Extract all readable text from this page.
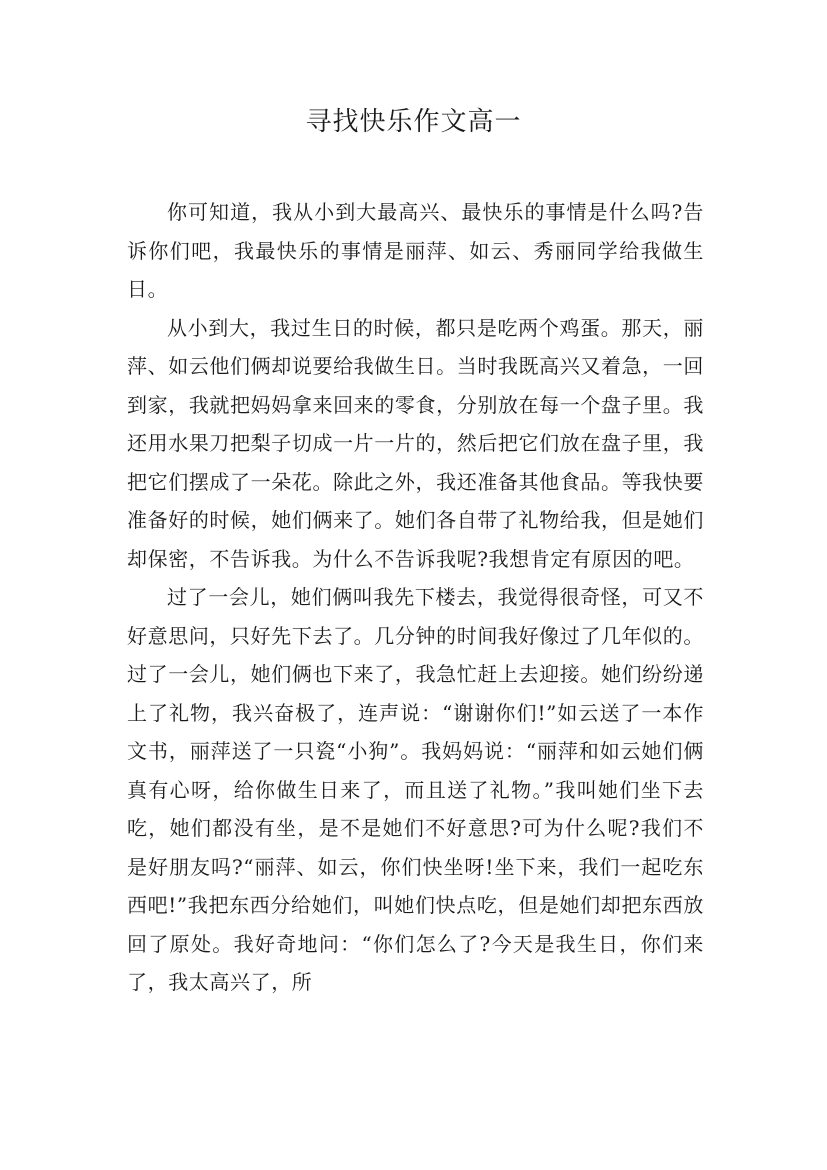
寻找快乐作文高一

你可知道，我从小到大最高兴、最快乐的事情是什么吗?告诉你们吧，我最快乐的事情是丽萍、如云、秀丽同学给我做生日。

从小到大，我过生日的时候，都只是吃两个鸡蛋。那天，丽萍、如云他们俩却说要给我做生日。当时我既高兴又着急，一回到家，我就把妈妈拿来回来的零食，分别放在每一个盘子里。我还用水果刀把梨子切成一片一片的，然后把它们放在盘子里，我把它们摆成了一朵花。除此之外，我还准备其他食品。等我快要准备好的时候，她们俩来了。她们各自带了礼物给我，但是她们却保密，不告诉我。为什么不告诉我呢?我想肯定有原因的吧。

过了一会儿，她们俩叫我先下楼去，我觉得很奇怪，可又不好意思问，只好先下去了。几分钟的时间我好像过了几年似的。过了一会儿，她们俩也下来了，我急忙赶上去迎接。她们纷纷递上了礼物，我兴奋极了，连声说：“谢谢你们!”如云送了一本作文书，丽萍送了一只瓷“小狗”。我妈妈说：“丽萍和如云她们俩真有心呀，给你做生日来了，而且送了礼物。”我叫她们坐下去吃，她们都没有坐，是不是她们不好意思?可为什么呢?我们不是好朋友吗?“丽萍、如云，你们快坐呀!坐下来，我们一起吃东西吧!”我把东西分给她们，叫她们快点吃，但是她们却把东西放回了原处。我好奇地问：“你们怎么了?今天是我生日，你们来了，我太高兴了，所
